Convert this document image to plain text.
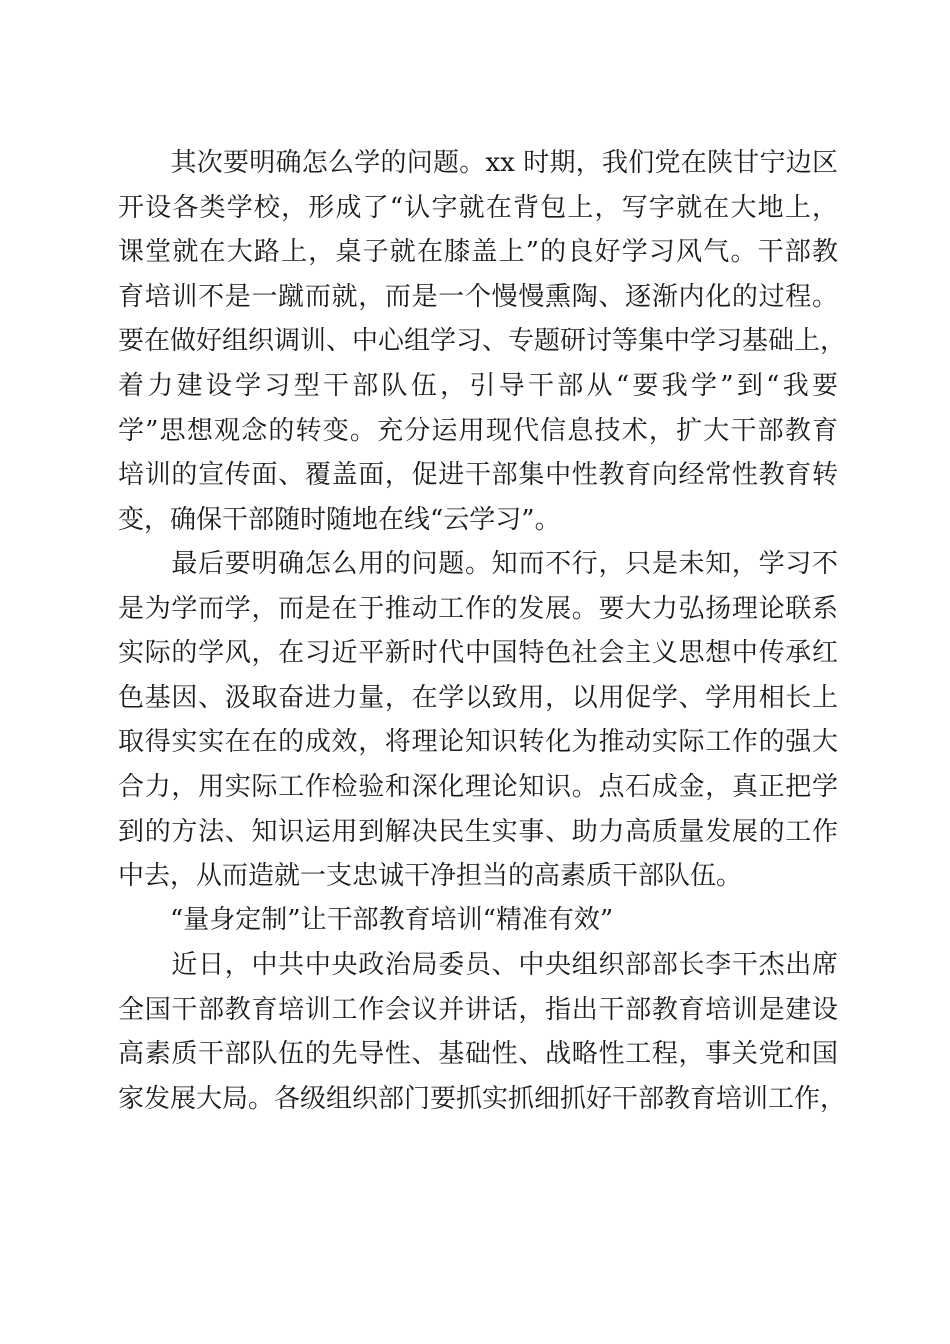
　　其次要明确怎么学的问题。xx 时期，我们党在陕甘宁边区
开设各类学校，形成了“认字就在背包上，写字就在大地上，
课堂就在大路上，桌子就在膝盖上”的良好学习风气。干部教
育培训不是一蹴而就，而是一个慢慢熏陶、逐渐内化的过程。
要在做好组织调训、中心组学习、专题研讨等集中学习基础上，
着力建设学习型干部队伍，引导干部从“要我学”到“我要
学”思想观念的转变。充分运用现代信息技术，扩大干部教育
培训的宣传面、覆盖面，促进干部集中性教育向经常性教育转
变，确保干部随时随地在线“云学习”。
　　最后要明确怎么用的问题。知而不行，只是未知，学习不
是为学而学，而是在于推动工作的发展。要大力弘扬理论联系
实际的学风，在习近平新时代中国特色社会主义思想中传承红
色基因、汲取奋进力量，在学以致用，以用促学、学用相长上
取得实实在在的成效，将理论知识转化为推动实际工作的强大
合力，用实际工作检验和深化理论知识。点石成金，真正把学
到的方法、知识运用到解决民生实事、助力高质量发展的工作
中去，从而造就一支忠诚干净担当的高素质干部队伍。
“量身定制”让干部教育培训“精准有效”
　　近日，中共中央政治局委员、中央组织部部长李干杰出席
全国干部教育培训工作会议并讲话，指出干部教育培训是建设
高素质干部队伍的先导性、基础性、战略性工程，事关党和国
家发展大局。各级组织部门要抓实抓细抓好干部教育培训工作，
